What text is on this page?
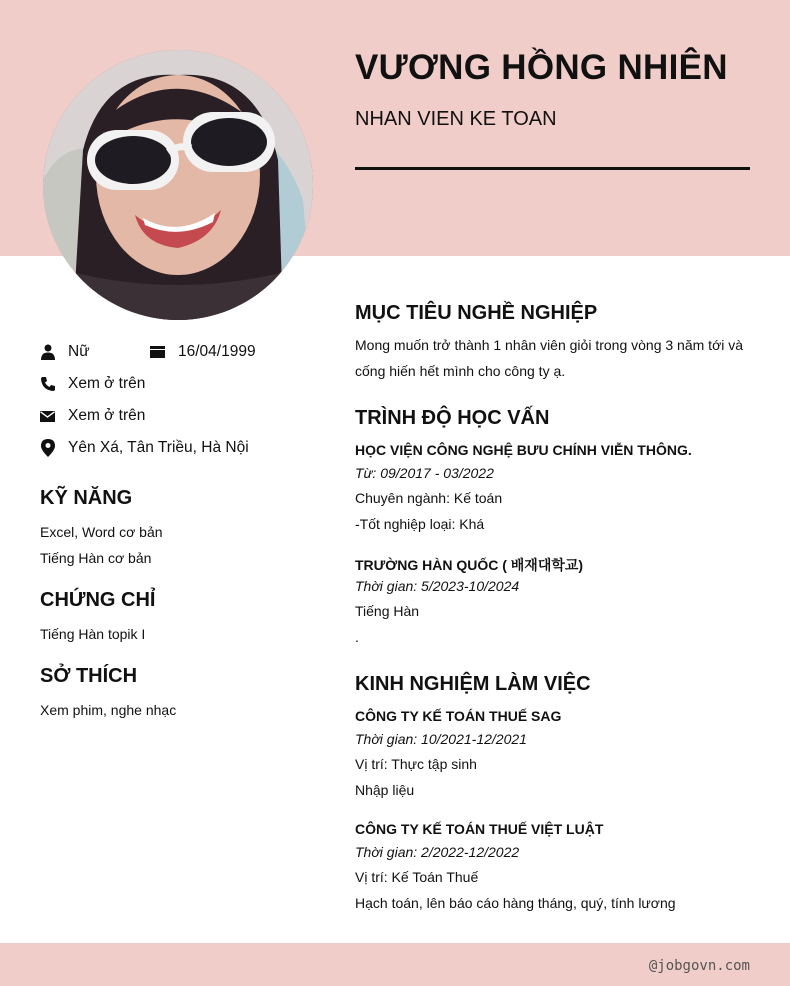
VƯƠNG HỒNG NHIÊN
NHAN VIEN KE TOAN
Nữ	16/04/1999
Xem ở trên
Xem ở trên
Yên Xá, Tân Triều, Hà Nội
KỸ NĂNG
Excel, Word cơ bản
Tiếng Hàn cơ bản
CHỨNG CHỈ
Tiếng Hàn topik I
SỞ THÍCH
Xem phim, nghe nhạc
MỤC TIÊU NGHỀ NGHIỆP
Mong muốn trở thành 1 nhân viên giỏi trong vòng 3 năm tới và cống hiến hết mình cho công ty ạ.
TRÌNH ĐỘ HỌC VẤN
HỌC VIỆN CÔNG NGHỆ BƯU CHÍNH VIỄN THÔNG.
Từ: 09/2017 - 03/2022
Chuyên ngành: Kế toán
-Tốt nghiệp loại: Khá
TRƯỜNG HÀN QUỐC ( 배재대학교)
Thời gian: 5/2023-10/2024
Tiếng Hàn
.
KINH NGHIỆM LÀM VIỆC
CÔNG TY KẾ TOÁN THUẾ SAG
Thời gian: 10/2021-12/2021
Vị trí: Thực tập sinh
Nhập liệu
CÔNG TY KẾ TOÁN THUẾ VIỆT LUẬT
Thời gian: 2/2022-12/2022
Vị trí: Kế Toán Thuế
Hạch toán, lên báo cáo hàng tháng, quý, tính lương
@jobgovn.com
